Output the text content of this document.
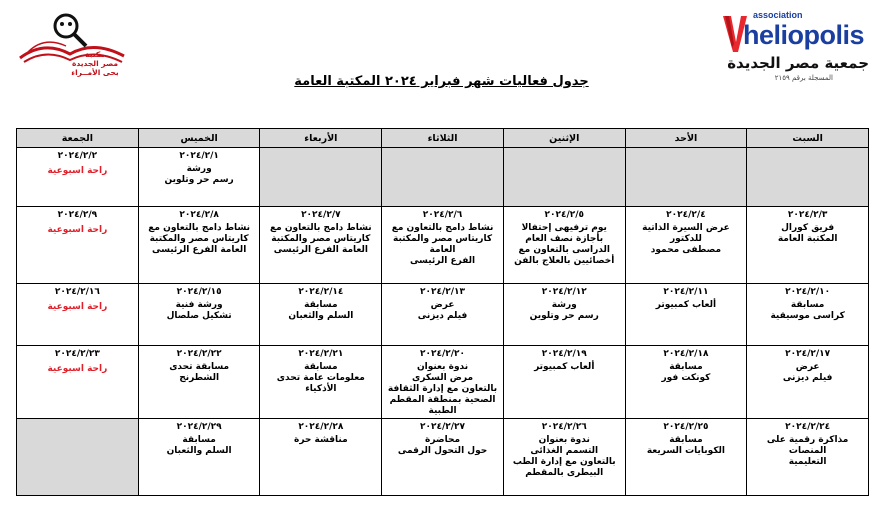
association
heliopolis
جمعية مصر الجديدة
المسجلة برقم ٢١٥٩
مكتبة
مصر الجديدة
بحى الأمــراء
جدول فعاليات شهر فبراير ٢٠٢٤ المكتبة العامة
السبت	الأحد	الإثنين	الثلاثاء	الأربعاء	الخميس	الجمعة

					٢٠٢٤/٢/١
ورشة
رسم حر وتلوين	٢٠٢٤/٢/٢
راحة اسبوعية

٢٠٢٤/٢/٣
فريق كورال
المكتبة العامة	٢٠٢٤/٢/٤
عرض السيرة الذاتية
للدكتور
مصطفى محمود	٢٠٢٤/٢/٥
يوم ترفيهى إحتفالا
بأجازة نصف العام
الدراسى بالتعاون مع
أخصائيين بالعلاج بالفن	٢٠٢٤/٢/٦
نشاط دامج بالتعاون مع
كاريتاس مصر والمكتبة العامة
الفرع الرئيسى	٢٠٢٤/٢/٧
نشاط دامج بالتعاون مع
كاريتاس مصر والمكتبة
العامة الفرع الرئيسى	٢٠٢٤/٢/٨
نشاط دامج بالتعاون مع
كاريتاس مصر والمكتبة
العامة الفرع الرئيسى	٢٠٢٤/٢/٩
راحة اسبوعية

٢٠٢٤/٢/١٠
مسابقة
كراسى موسيقية	٢٠٢٤/٢/١١
ألعاب كمبيوتر	٢٠٢٤/٢/١٢
ورشة
رسم حر وتلوين	٢٠٢٤/٢/١٣
عرض
فيلم ديزنى	٢٠٢٤/٢/١٤
مسابقة
السلم والثعبان	٢٠٢٤/٢/١٥
ورشة فنية
تشكيل صلصال	٢٠٢٤/٢/١٦
راحة اسبوعية

٢٠٢٤/٢/١٧
عرض
فيلم ديزنى	٢٠٢٤/٢/١٨
مسابقة
كونكت فور	٢٠٢٤/٢/١٩
ألعاب كمبيوتر	٢٠٢٤/٢/٢٠
ندوة بعنوان
مرض السكرى
بالتعاون مع إدارة الثقافة
الصحية بمنطقة المقطم الطبية	٢٠٢٤/٢/٢١
مسابقة
معلومات عامة تحدى
الأذكياء	٢٠٢٤/٢/٢٢
مسابقة تحدى
الشطرنج	٢٠٢٤/٢/٢٣
راحة اسبوعية

٢٠٢٤/٢/٢٤
مذاكرة رقمية على المنصات
التعليمية	٢٠٢٤/٢/٢٥
مسابقة
الكوبايات السريعة	٢٠٢٤/٢/٢٦
ندوة بعنوان
التسمم الغذائى
بالتعاون مع إدارة الطب
البيطرى بالمقطم	٢٠٢٤/٢/٢٧
محاضرة
حول التحول الرقمى	٢٠٢٤/٢/٢٨
مناقشة حرة	٢٠٢٤/٢/٢٩
مسابقة
السلم والثعبان	
